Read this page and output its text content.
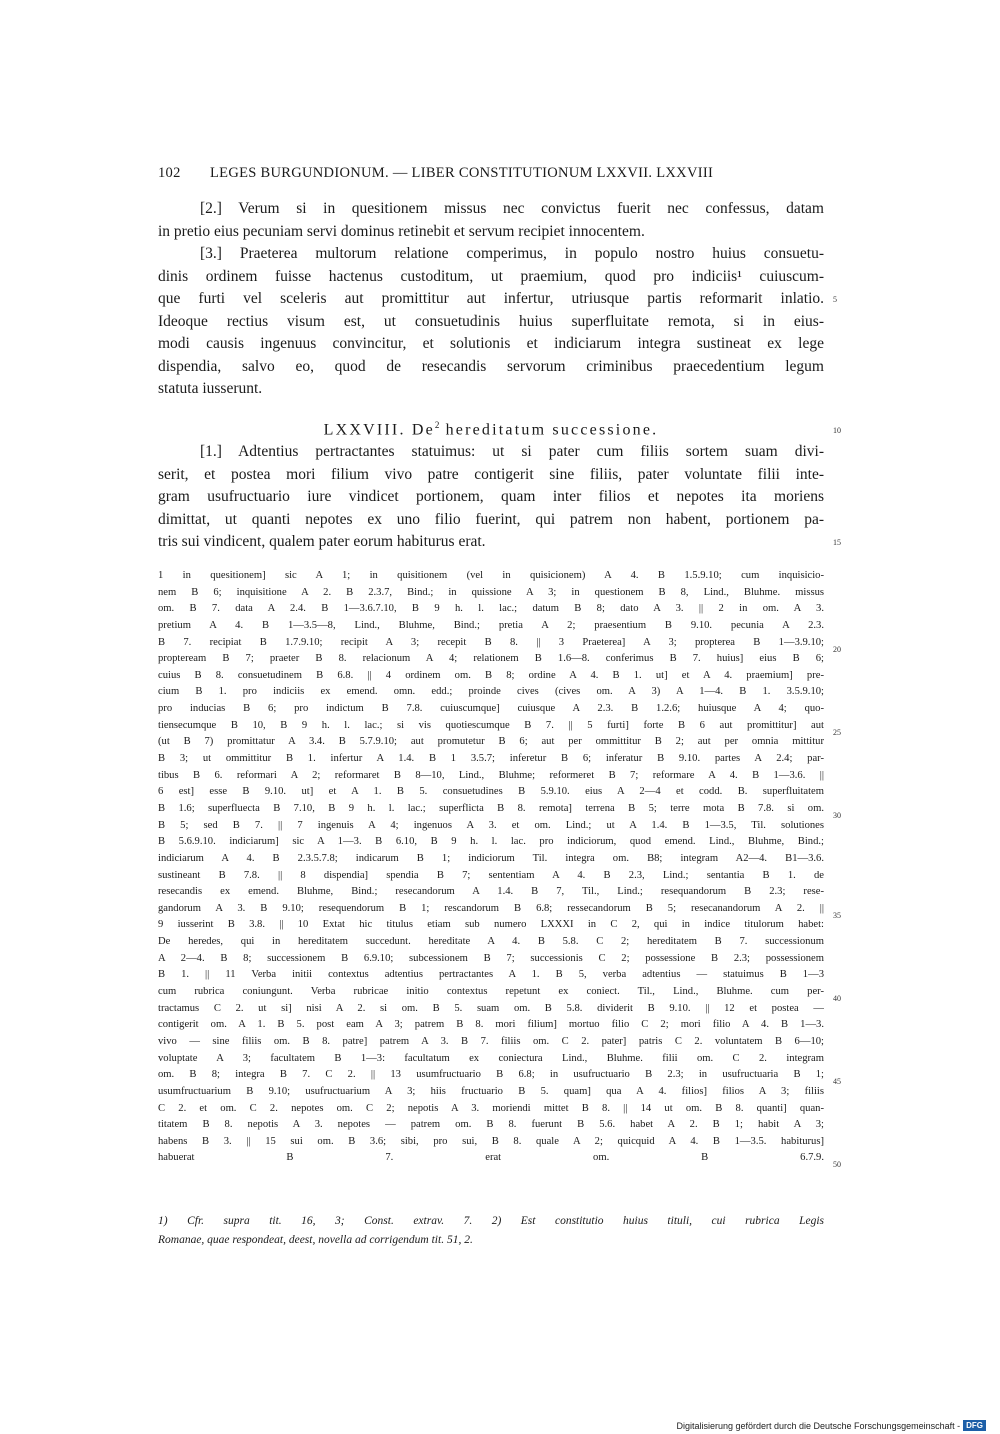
102 LEGES BURGUNDIONUM. — LIBER CONSTITUTIONUM LXXVII. LXXVIII
[2.] Verum si in quesitionem missus nec convictus fuerit nec confessus, datam
in pretio eius pecuniam servi dominus retinebit et servum recipiet innocentem.
[3.] Praeterea multorum relatione comperimus, in populo nostro huius consuetu-
dinis ordinem fuisse hactenus custoditum, ut praemium, quod pro indiciis¹ cuiuscum-
que furti vel sceleris aut promittitur aut infertur, utriusque partis reformarit inlatio.
Ideoque rectius visum est, ut consuetudinis huius superfluitate remota, si in eius-
modi causis ingenuus convincitur, et solutionis et indiciarum integra sustineat ex lege
dispendia, salvo eo, quod de resecandis servorum criminibus praecedentium legum
statuta iusserunt.
LXXVIII. De$^2$ hereditatum successione.
[1.] Adtentius pertractantes statuimus: ut si pater cum filiis sortem suam divi-
serit, et postea mori filium vivo patre contigerit sine filiis, pater voluntate filii inte-
gram usufructuario iure vindicet portionem, quam inter filios et nepotes ita moriens
dimittat, ut quanti nepotes ex uno filio fuerint, qui patrem non habent, portionem pa-
tris sui vindicent, qualem pater eorum habiturus erat.
5
10
15
20
25
30
35
40
45
50
1 in quesitionem] sic A 1; in quisitionem (vel in quisicionem) A 4. B 1.5.9.10; cum inquisicio-
nem B 6; inquisitione A 2. B 2.3.7, Bind.; in quissione A 3; in questionem B 8, Lind., Bluhme. missus
om. B 7. data A 2.4. B 1—3.6.7.10, B 9 h. l. lac.; datum B 8; dato A 3. || 2 in om. A 3.
pretium A 4. B 1—3.5—8, Lind., Bluhme, Bind.; pretia A 2; praesentium B 9.10. pecunia A 2.3.
B 7. recipiat B 1.7.9.10; recipit A 3; recepit B 8. || 3 Praeterea] A 3; propterea B 1—3.9.10;
propteream B 7; praeter B 8. relacionum A 4; relationem B 1.6—8. conferimus B 7. huius] eius B 6;
cuius B 8. consuetudinem B 6.8. || 4 ordinem om. B 8; ordine A 4. B 1. ut] et A 4. praemium] pre-
cium B 1. pro indiciis ex emend. omn. edd.; proinde cives (cives om. A 3) A 1—4. B 1. 3.5.9.10;
pro inducias B 6; pro indictum B 7.8. cuiuscumque] cuiusque A 2.3. B 1.2.6; huiusque A 4; quo-
tiensecumque B 10, B 9 h. l. lac.; si vis quotiescumque B 7. || 5 furti] forte B 6 aut promittitur] aut
(ut B 7) promittatur A 3.4. B 5.7.9.10; aut promutetur B 6; aut per ommittitur B 2; aut per omnia mittitur
B 3; ut ommittitur B 1. infertur A 1.4. B 1 3.5.7; inferetur B 6; inferatur B 9.10. partes A 2.4; par-
tibus B 6. reformari A 2; reformaret B 8—10, Lind., Bluhme; reformeret B 7; reformare A 4. B 1—3.6. ||
6 est] esse B 9.10. ut] et A 1. B 5. consuetudines B 5.9.10. eius A 2—4 et codd. B. superfluitatem
B 1.6; superfluecta B 7.10, B 9 h. l. lac.; superflicta B 8. remota] terrena B 5; terre mota B 7.8. si om.
B 5; sed B 7. || 7 ingenuis A 4; ingenuos A 3. et om. Lind.; ut A 1.4. B 1—3.5, Til. solutiones
B 5.6.9.10. indiciarum] sic A 1—3. B 6.10, B 9 h. l. lac. pro indiciorum, quod emend. Lind., Bluhme, Bind.;
indiciarum A 4. B 2.3.5.7.8; indicarum B 1; indiciorum Til. integra om. B8; integram A2—4. B1—3.6.
sustineant B 7.8. || 8 dispendia] spendia B 7; sententiam A 4. B 2.3, Lind.; sentantia B 1. de
resecandis ex emend. Bluhme, Bind.; resecandorum A 1.4. B 7, Til., Lind.; resequandorum B 2.3; rese-
gandorum A 3. B 9.10; resequendorum B 1; rescandorum B 6.8; ressecandorum B 5; resecanandorum A 2. ||
9 iusserint B 3.8. || 10 Extat hic titulus etiam sub numero LXXXI in C 2, qui in indice titulorum habet:
De heredes, qui in hereditatem succedunt. hereditate A 4. B 5.8. C 2; hereditatem B 7. successionum
A 2—4. B 8; successionem B 6.9.10; subcessionem B 7; successionis C 2; possessione B 2.3; possessionem
B 1. || 11 Verba initii contextus adtentius pertractantes A 1. B 5, verba adtentius — statuimus B 1—3
cum rubrica coniungunt. Verba rubricae initio contextus repetunt ex coniect. Til., Lind., Bluhme. cum per-
tractamus C 2. ut si] nisi A 2. si om. B 5. suam om. B 5.8. dividerit B 9.10. || 12 et postea —
contigerit om. A 1. B 5. post eam A 3; patrem B 8. mori filium] mortuo filio C 2; mori filio A 4. B 1—3.
vivo — sine filiis om. B 8. patre] patrem A 3. B 7. filiis om. C 2. pater] patris C 2. voluntatem B 6—10;
voluptate A 3; facultatem B 1—3: facultatum ex coniectura Lind., Bluhme. filii om. C 2. integram
om. B 8; integra B 7. C 2. || 13 usumfructuario B 6.8; in usufructuario B 2.3; in usufructuaria B 1;
usumfructuarium B 9.10; usufructuarium A 3; hiis fructuario B 5. quam] qua A 4. filios] filios A 3; filiis
C 2. et om. C 2. nepotes om. C 2; nepotis A 3. moriendi mittet B 8. || 14 ut om. B 8. quanti] quan-
titatem B 8. nepotis A 3. nepotes — patrem om. B 8. fuerunt B 5.6. habet A 2. B 1; habit A 3;
habens B 3. || 15 sui om. B 3.6; sibi, pro sui, B 8. quale A 2; quicquid A 4. B 1—3.5. habiturus]
habuerat B 7. erat om. B 6.7.9.
1) Cfr. supra tit. 16, 3; Const. extrav. 7. 2) Est constitutio huius tituli, cui rubrica Legis
Romanae, quae respondeat, deest, novella ad corrigendum tit. 51, 2.
Digitalisierung gefördert durch die Deutsche Forschungsgemeinschaft - DFG
